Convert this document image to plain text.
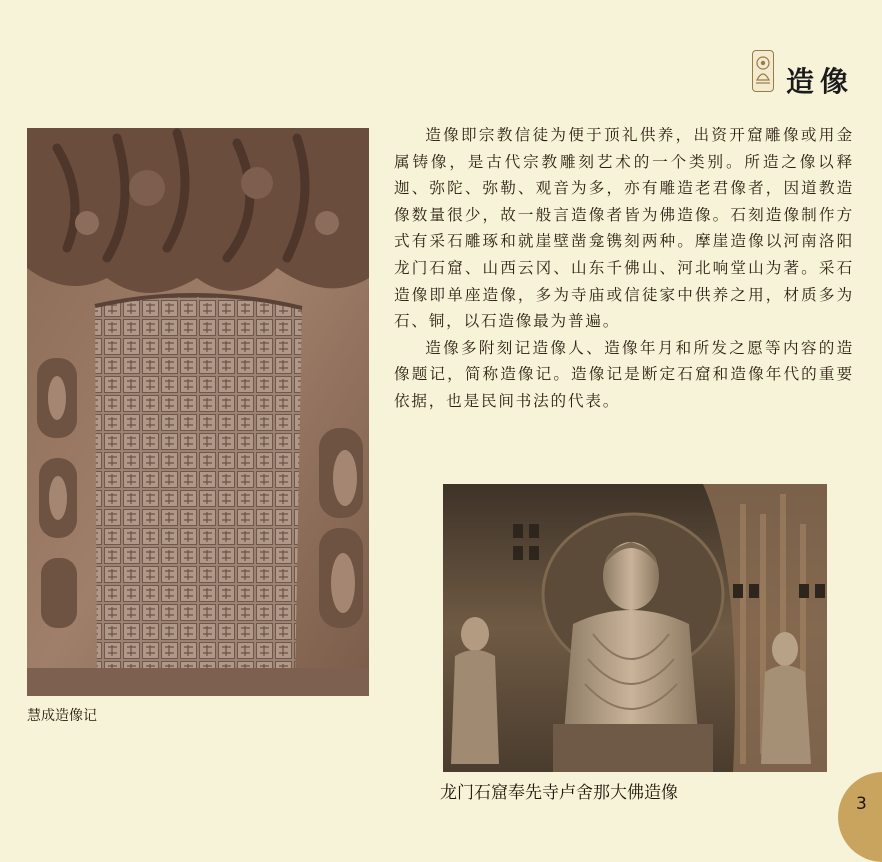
造像
慧成造像记

造像即宗教信徒为便于顶礼供养，出资开窟雕像或用金属铸像，是古代宗教雕刻艺术的一个类别。所造之像以释迦、弥陀、弥勒、观音为多，亦有雕造老君像者，因道教造像数量很少，故一般言造像者皆为佛造像。石刻造像制作方式有采石雕琢和就崖壁凿龛镌刻两种。摩崖造像以河南洛阳龙门石窟、山西云冈、山东千佛山、河北响堂山为著。采石造像即单座造像，多为寺庙或信徒家中供养之用，材质多为石、铜，以石造像最为普遍。

造像多附刻记造像人、造像年月和所发之愿等内容的造像题记，简称造像记。造像记是断定石窟和造像年代的重要依据，也是民间书法的代表。

龙门石窟奉先寺卢舍那大佛造像
3
